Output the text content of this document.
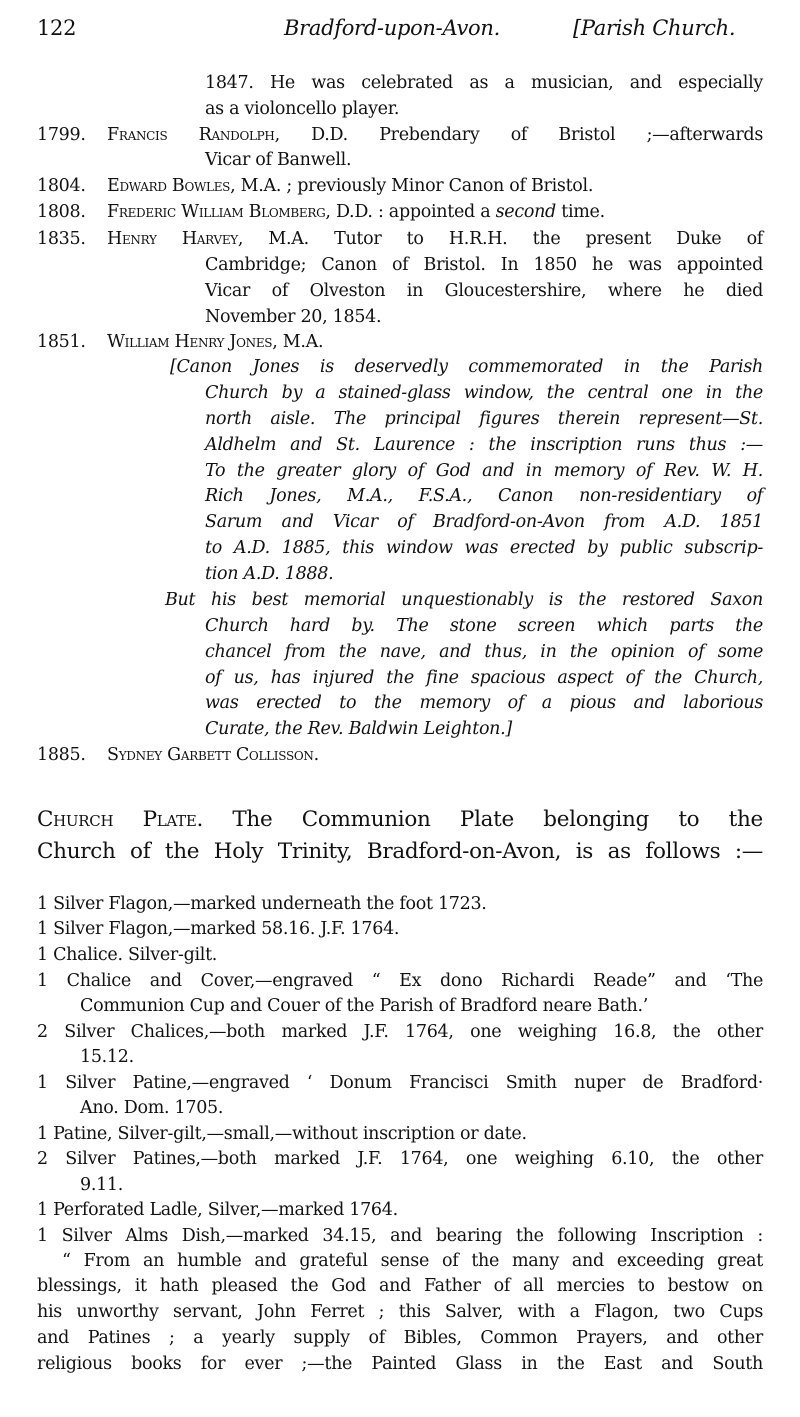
122	Bradford-upon-Avon.	[Parish Church.
1847. He was celebrated as a musician, and especially
as a violoncello player.
1799. Francis Randolph, D.D. Prebendary of Bristol ;—afterwards
Vicar of Banwell.
1804. Edward Bowles, M.A. ; previously Minor Canon of Bristol.
1808. Frederic William Blomberg, D.D. : appointed a second time.
1835. Henry Harvey, M.A. Tutor to H.R.H. the present Duke of
Cambridge; Canon of Bristol. In 1850 he was appointed
Vicar of Olveston in Gloucestershire, where he died
November 20, 1854.
1851. William Henry Jones, M.A.
[Canon Jones is deservedly commemorated in the Parish
Church by a stained-glass window, the central one in the
north aisle. The principal figures therein represent—St.
Aldhelm and St. Laurence : the inscription runs thus :—
To the greater glory of God and in memory of Rev. W. H.
Rich Jones, M.A., F.S.A., Canon non-residentiary of
Sarum and Vicar of Bradford-on-Avon from A.D. 1851
to A.D. 1885, this window was erected by public subscrip-
tion A.D. 1888.
But his best memorial unquestionably is the restored Saxon
Church hard by. The stone screen which parts the
chancel from the nave, and thus, in the opinion of some
of us, has injured the fine spacious aspect of the Church,
was erected to the memory of a pious and laborious
Curate, the Rev. Baldwin Leighton.]
1885. Sydney Garbett Collisson.
Church Plate. The Communion Plate belonging to the
Church of the Holy Trinity, Bradford-on-Avon, is as follows :—
1 Silver Flagon,—marked underneath the foot 1723.
1 Silver Flagon,—marked 58.16. J.F. 1764.
1 Chalice. Silver-gilt.
1 Chalice and Cover,—engraved “ Ex dono Richardi Reade” and ‘The
Communion Cup and Couer of the Parish of Bradford neare Bath.’
2 Silver Chalices,—both marked J.F. 1764, one weighing 16.8, the other
15.12.
1 Silver Patine,—engraved ‘ Donum Francisci Smith nuper de Bradford·
Ano. Dom. 1705.
1 Patine, Silver-gilt,—small,—without inscription or date.
2 Silver Patines,—both marked J.F. 1764, one weighing 6.10, the other
9.11.
1 Perforated Ladle, Silver,—marked 1764.
1 Silver Alms Dish,—marked 34.15, and bearing the following Inscription :
“ From an humble and grateful sense of the many and exceeding great
blessings, it hath pleased the God and Father of all mercies to bestow on
his unworthy servant, John Ferret ; this Salver, with a Flagon, two Cups
and Patines ; a yearly supply of Bibles, Common Prayers, and other
religious books for ever ;—the Painted Glass in the East and South
